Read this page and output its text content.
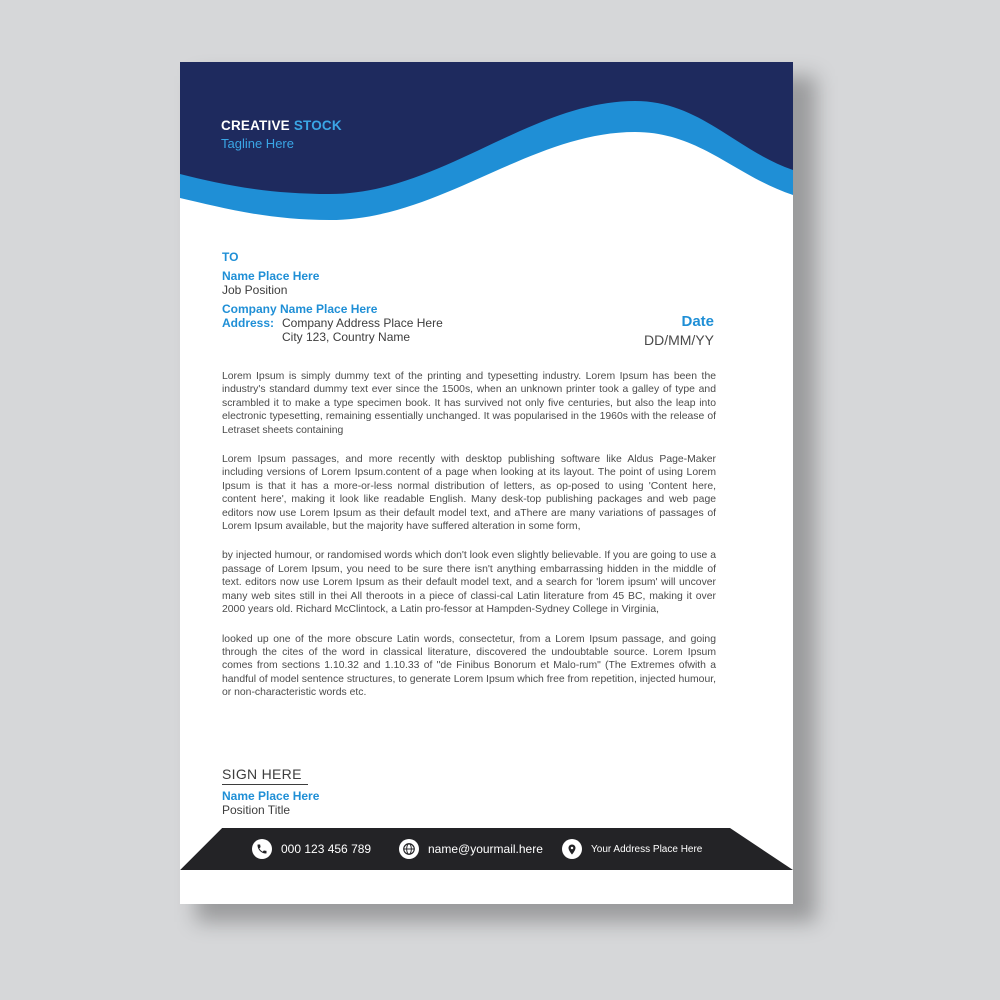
CREATIVE STOCK
Tagline Here
TO
Name Place Here
Job Position
Company Name Place Here
Address: Company Address Place Here
City 123, Country Name
Date
DD/MM/YY

Lorem Ipsum is simply dummy text of the printing and typesetting industry. Lorem Ipsum has been the industry's standard dummy text ever since the 1500s, when an unknown printer took a galley of type and scrambled it to make a type specimen book. It has survived not only five centuries, but also the leap into electronic typesetting, remaining essentially unchanged. It was popularised in the 1960s with the release of Letraset sheets containing

Lorem Ipsum passages, and more recently with desktop publishing software like Aldus Page-Maker including versions of Lorem Ipsum.content of a page when looking at its layout. The point of using Lorem Ipsum is that it has a more-or-less normal distribution of letters, as op-posed to using 'Content here, content here', making it look like readable English. Many desk-top publishing packages and web page editors now use Lorem Ipsum as their default model text, and aThere are many variations of passages of Lorem Ipsum available, but the majority have suffered alteration in some form,

by injected humour, or randomised words which don't look even slightly believable. If you are going to use a passage of Lorem Ipsum, you need to be sure there isn't anything embarrassing hidden in the middle of text. editors now use Lorem Ipsum as their default model text, and a search for 'lorem ipsum' will uncover many web sites still in thei All theroots in a piece of classi-cal Latin literature from 45 BC, making it over 2000 years old. Richard McClintock, a Latin pro-fessor at Hampden-Sydney College in Virginia,

looked up one of the more obscure Latin words, consectetur, from a Lorem Ipsum passage, and going through the cites of the word in classical literature, discovered the undoubtable source. Lorem Ipsum comes from sections 1.10.32 and 1.10.33 of "de Finibus Bonorum et Malo-rum" (The Extremes ofwith a handful of model sentence structures, to generate Lorem Ipsum which free from repetition, injected humour, or non-characteristic words etc.

SIGN HERE
Name Place Here
Position Title
000 123 456 789	name@yourmail.here	Your Address Place Here
